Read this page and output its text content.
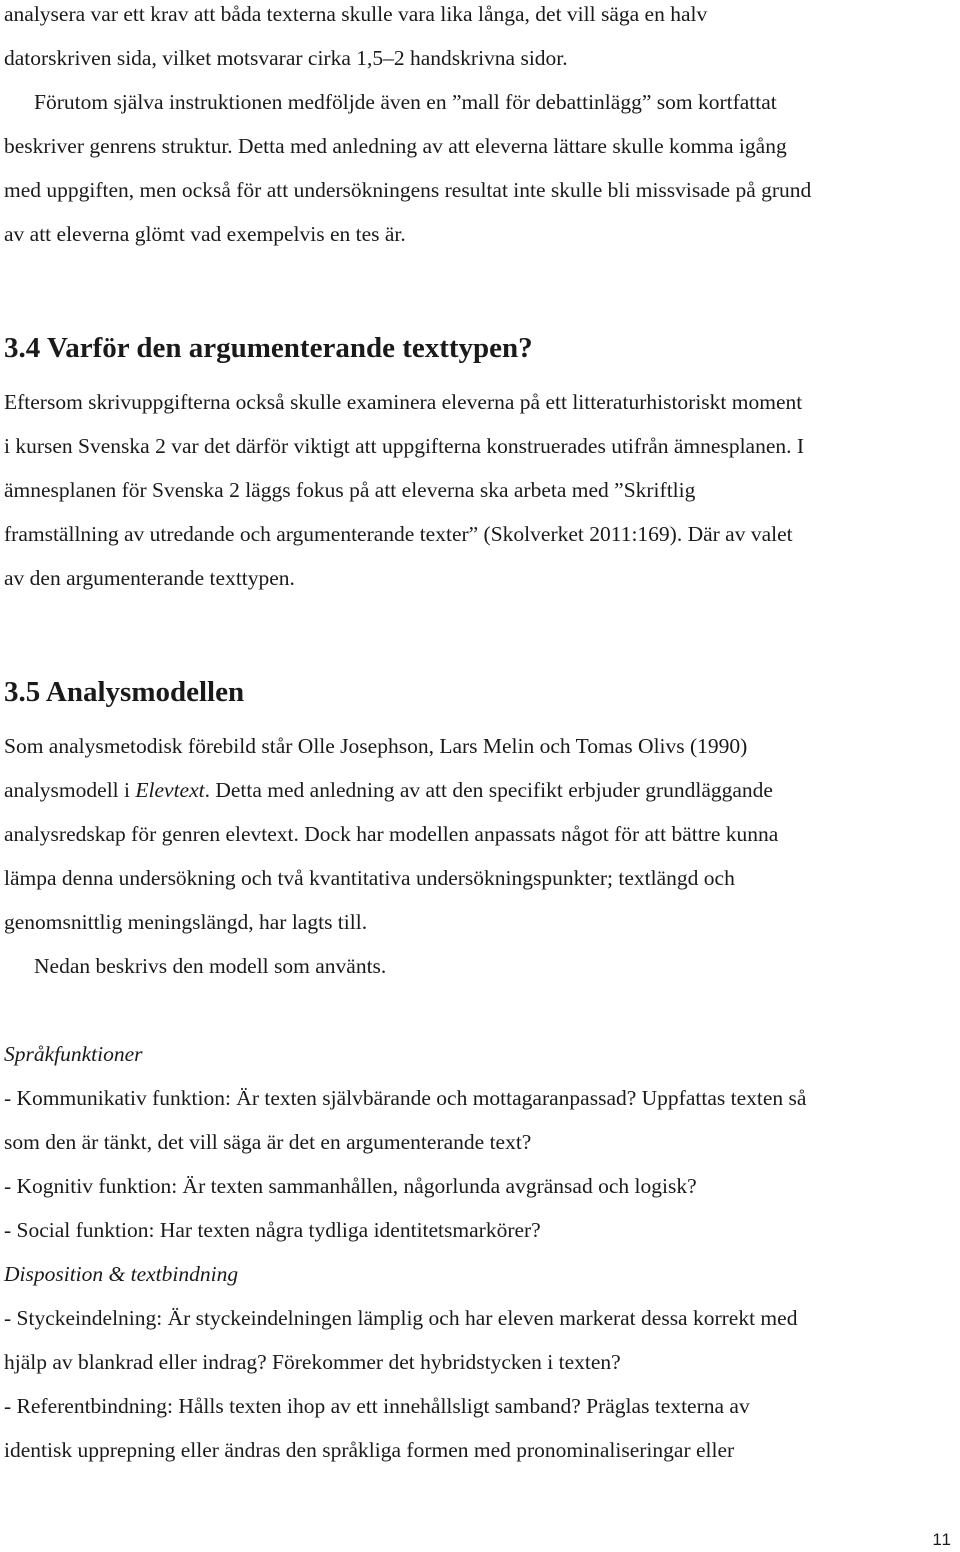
analysera var ett krav att båda texterna skulle vara lika långa, det vill säga en halv
datorskriven sida, vilket motsvarar cirka 1,5–2 handskrivna sidor.
Förutom själva instruktionen medföljde även en ”mall för debattinlägg” som kortfattat
beskriver genrens struktur. Detta med anledning av att eleverna lättare skulle komma igång
med uppgiften, men också för att undersökningens resultat inte skulle bli missvisade på grund
av att eleverna glömt vad exempelvis en tes är.
3.4 Varför den argumenterande texttypen?
Eftersom skrivuppgifterna också skulle examinera eleverna på ett litteraturhistoriskt moment
i kursen Svenska 2 var det därför viktigt att uppgifterna konstruerades utifrån ämnesplanen. I
ämnesplanen för Svenska 2 läggs fokus på att eleverna ska arbeta med ”Skriftlig
framställning av utredande och argumenterande texter” (Skolverket 2011:169). Där av valet
av den argumenterande texttypen.
3.5 Analysmodellen
Som analysmetodisk förebild står Olle Josephson, Lars Melin och Tomas Olivs (1990)
analysmodell i Elevtext. Detta med anledning av att den specifikt erbjuder grundläggande
analysredskap för genren elevtext. Dock har modellen anpassats något för att bättre kunna
lämpa denna undersökning och två kvantitativa undersökningspunkter; textlängd och
genomsnittlig meningslängd, har lagts till.
Nedan beskrivs den modell som använts.
Språkfunktioner
- Kommunikativ funktion: Är texten självbärande och mottagaranpassad? Uppfattas texten så
som den är tänkt, det vill säga är det en argumenterande text?
- Kognitiv funktion: Är texten sammanhållen, någorlunda avgränsad och logisk?
- Social funktion: Har texten några tydliga identitetsmarkörer?
Disposition & textbindning
- Styckeindelning: Är styckeindelningen lämplig och har eleven markerat dessa korrekt med
hjälp av blankrad eller indrag? Förekommer det hybridstycken i texten?
- Referentbindning: Hålls texten ihop av ett innehållsligt samband? Präglas texterna av
identisk upprepning eller ändras den språkliga formen med pronominaliseringar eller
11
